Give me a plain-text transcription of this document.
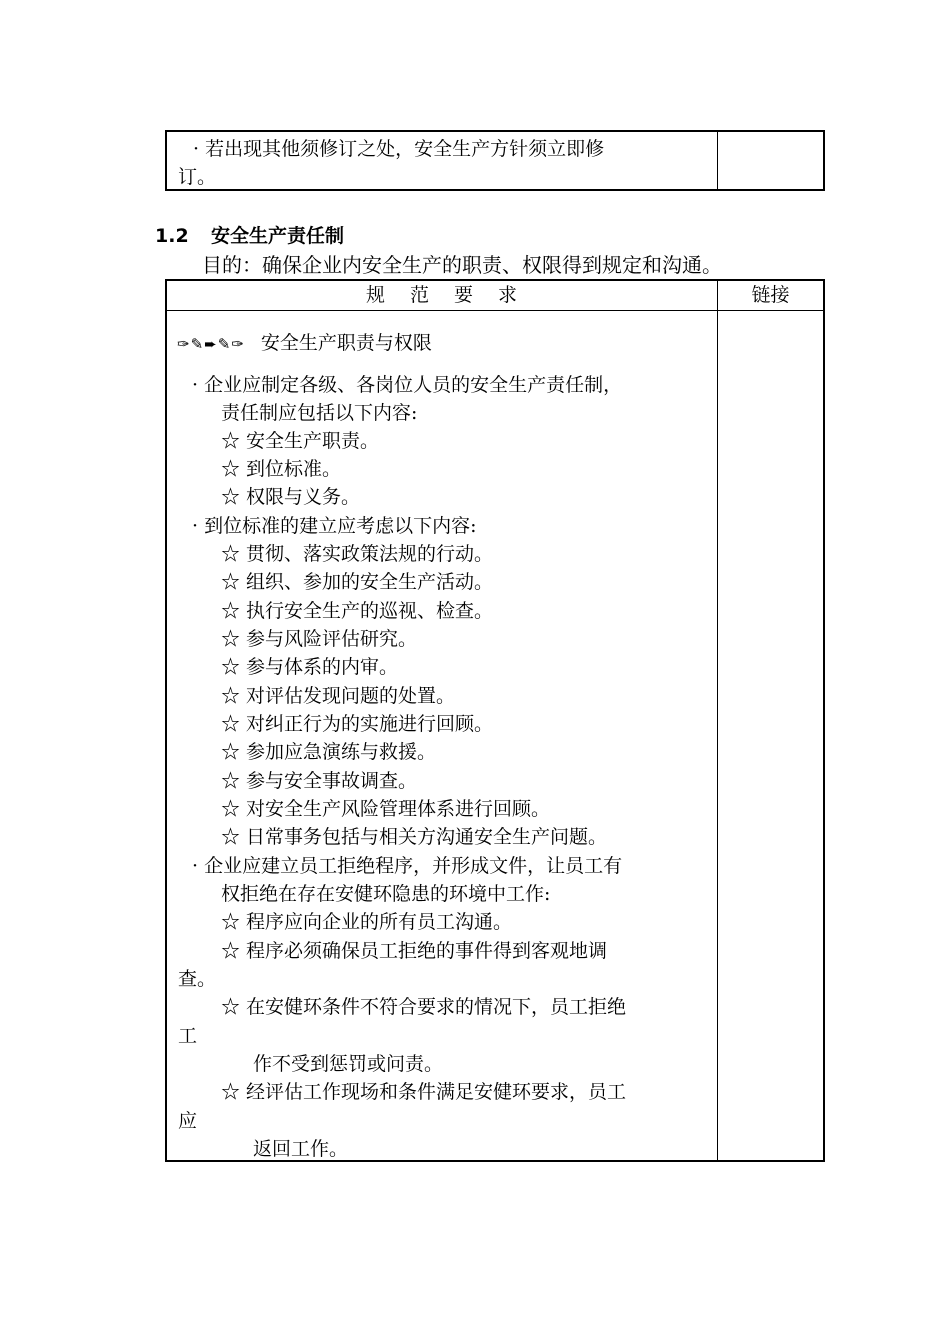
· 若出现其他须修订之处，安全生产方针须立即修
订。
1.2 安全生产责任制
目的：确保企业内安全生产的职责、权限得到规定和沟通。
规 范 要 求	链接
✑✎➨✎✑ 安全生产职责与权限
· 企业应制定各级、各岗位人员的安全生产责任制，
责任制应包括以下内容:
☆ 安全生产职责。
☆ 到位标准。
☆ 权限与义务。
· 到位标准的建立应考虑以下内容:
☆ 贯彻、落实政策法规的行动。
☆ 组织、参加的安全生产活动。
☆ 执行安全生产的巡视、检查。
☆ 参与风险评估研究。
☆ 参与体系的内审。
☆ 对评估发现问题的处置。
☆ 对纠正行为的实施进行回顾。
☆ 参加应急演练与救援。
☆ 参与安全事故调查。
☆ 对安全生产风险管理体系进行回顾。
☆ 日常事务包括与相关方沟通安全生产问题。
· 企业应建立员工拒绝程序，并形成文件，让员工有
权拒绝在存在安健环隐患的环境中工作:
☆ 程序应向企业的所有员工沟通。
☆ 程序必须确保员工拒绝的事件得到客观地调
查。
☆ 在安健环条件不符合要求的情况下，员工拒绝
工
作不受到惩罚或问责。
☆ 经评估工作现场和条件满足安健环要求，员工
应
返回工作。
